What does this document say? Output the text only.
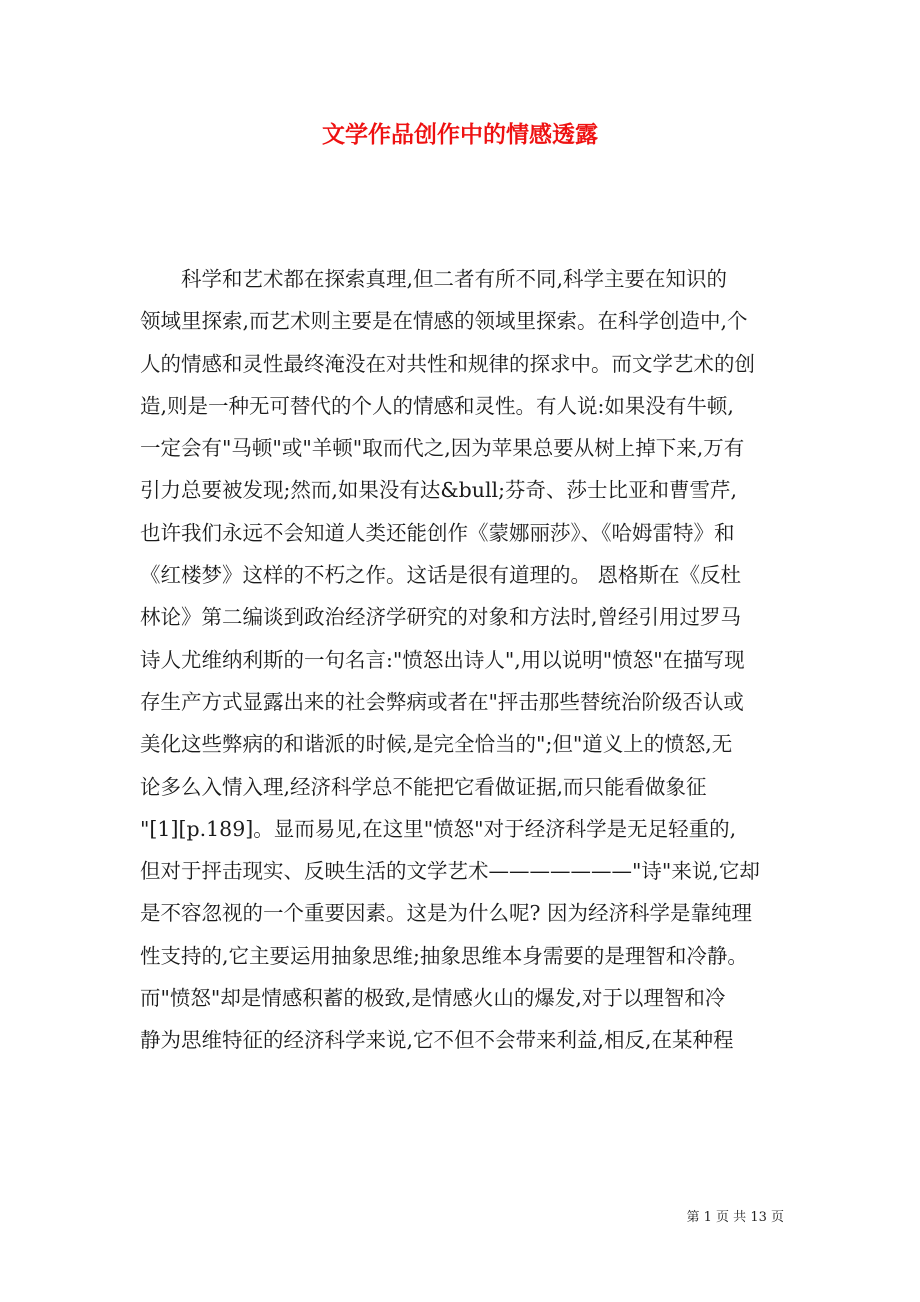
文学作品创作中的情感透露
　　科学和艺术都在探索真理,但二者有所不同,科学主要在知识的
领域里探索,而艺术则主要是在情感的领域里探索。在科学创造中,个
人的情感和灵性最终淹没在对共性和规律的探求中。而文学艺术的创
造,则是一种无可替代的个人的情感和灵性。有人说:如果没有牛顿,
一定会有"马顿"或"羊顿"取而代之,因为苹果总要从树上掉下来,万有
引力总要被发现;然而,如果没有达&bull;芬奇、莎士比亚和曹雪芹,
也许我们永远不会知道人类还能创作《蒙娜丽莎》、《哈姆雷特》和
《红楼梦》这样的不朽之作。这话是很有道理的。 恩格斯在《反杜
林论》第二编谈到政治经济学研究的对象和方法时,曾经引用过罗马
诗人尤维纳利斯的一句名言:"愤怒出诗人",用以说明"愤怒"在描写现
存生产方式显露出来的社会弊病或者在"抨击那些替统治阶级否认或
美化这些弊病的和谐派的时候,是完全恰当的";但"道义上的愤怒,无
论多么入情入理,经济科学总不能把它看做证据,而只能看做象征
"[1][p.189]。显而易见,在这里"愤怒"对于经济科学是无足轻重的,
但对于抨击现实、反映生活的文学艺术———————"诗"来说,它却
是不容忽视的一个重要因素。这是为什么呢? 因为经济科学是靠纯理
性支持的,它主要运用抽象思维;抽象思维本身需要的是理智和冷静。
而"愤怒"却是情感积蓄的极致,是情感火山的爆发,对于以理智和冷
静为思维特征的经济科学来说,它不但不会带来利益,相反,在某种程
第 1 页 共 13 页
